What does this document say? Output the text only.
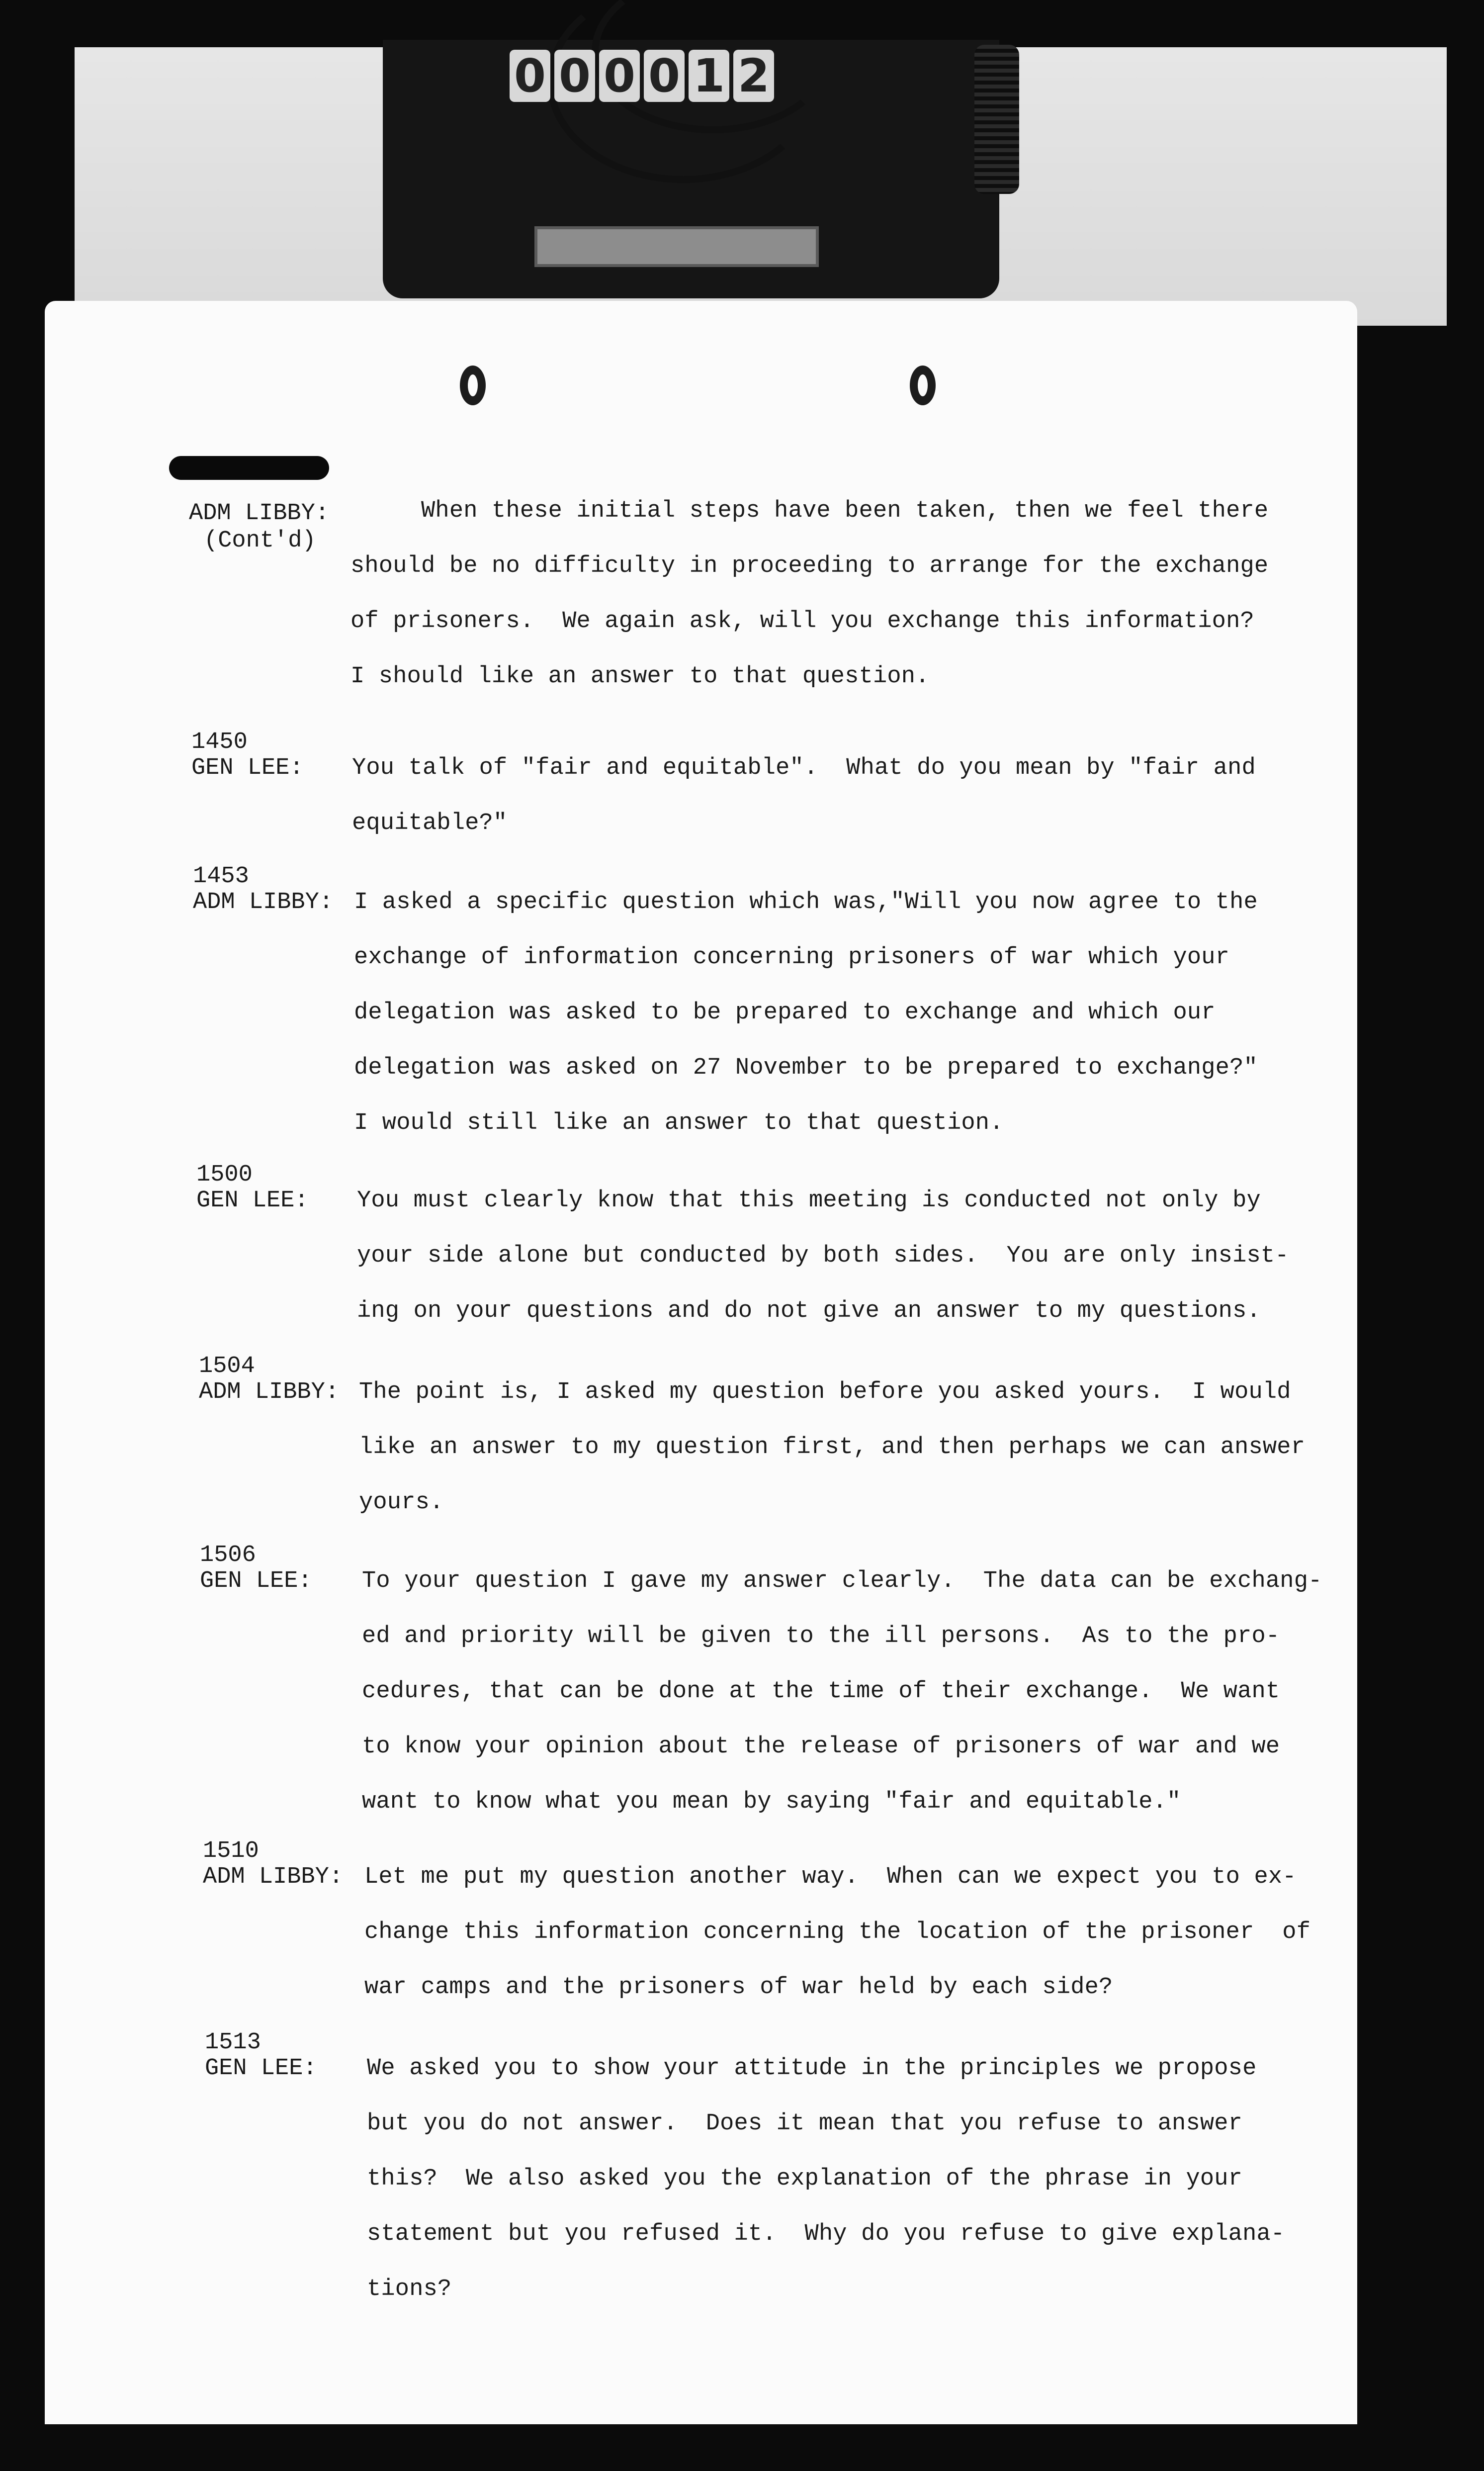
0 0 0 0 1 2
ADM LIBBY:
(Cont'd)
When these initial steps have been taken, then we feel there
should be no difficulty in proceeding to arrange for the exchange
of prisoners.  We again ask, will you exchange this information?
I should like an answer to that question.
1450
GEN LEE: You talk of "fair and equitable".  What do you mean by "fair and
equitable?"
1453
ADM LIBBY: I asked a specific question which was,"Will you now agree to the
exchange of information concerning prisoners of war which your
delegation was asked to be prepared to exchange and which our
delegation was asked on 27 November to be prepared to exchange?"
I would still like an answer to that question.
1500
GEN LEE: You must clearly know that this meeting is conducted not only by
your side alone but conducted by both sides.  You are only insist-
ing on your questions and do not give an answer to my questions.
1504
ADM LIBBY: The point is, I asked my question before you asked yours.  I would
like an answer to my question first, and then perhaps we can answer
yours.
1506
GEN LEE: To your question I gave my answer clearly.  The data can be exchang-
ed and priority will be given to the ill persons.  As to the pro-
cedures, that can be done at the time of their exchange.  We want
to know your opinion about the release of prisoners of war and we
want to know what you mean by saying "fair and equitable."
1510
ADM LIBBY: Let me put my question another way.  When can we expect you to ex-
change this information concerning the location of the prisoner  of
war camps and the prisoners of war held by each side?
1513
GEN LEE: We asked you to show your attitude in the principles we propose
but you do not answer.  Does it mean that you refuse to answer
this?  We also asked you the explanation of the phrase in your
statement but you refused it.  Why do you refuse to give explana-
tions?
